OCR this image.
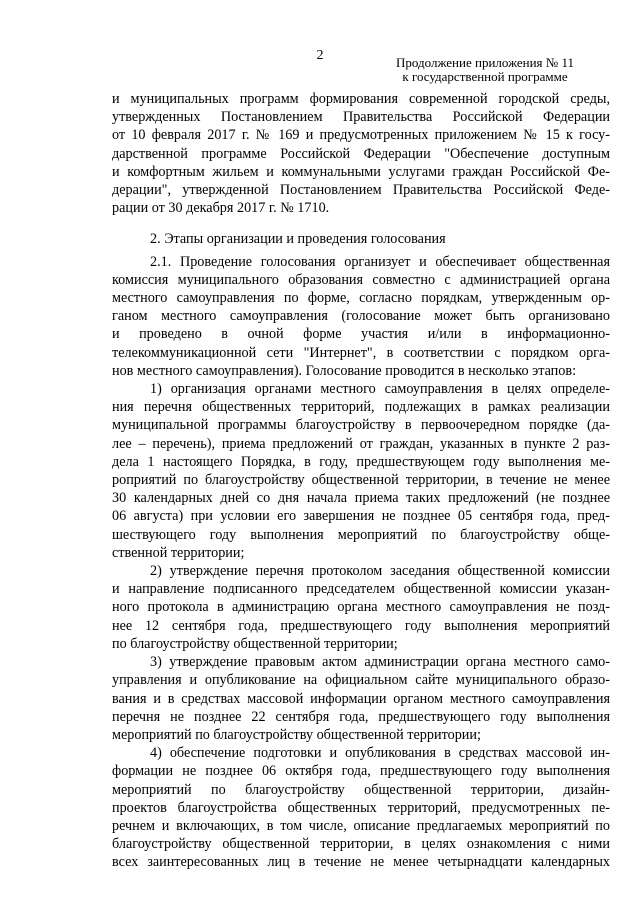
2	Продолжение приложения № 11
к государственной программе

и муниципальных программ формирования современной городской среды,

утвержденных Постановлением Правительства Российской Федерации

от 10 февраля 2017 г. № 169 и предусмотренных приложением № 15 к госу-

дарственной программе Российской Федерации "Обеспечение доступным

и комфортным жильем и коммунальными услугами граждан Российской Фе-

дерации", утвержденной Постановлением Правительства Российской Феде-

рации от 30 декабря 2017 г. № 1710.

2. Этапы организации и проведения голосования

2.1. Проведение голосования организует и обеспечивает общественная

комиссия муниципального образования совместно с администрацией органа

местного самоуправления по форме, согласно порядкам, утвержденным ор-

ганом местного самоуправления (голосование может быть организовано

и проведено в очной форме участия и/или в информационно-

телекоммуникационной сети "Интернет", в соответствии с порядком орга-

нов местного самоуправления). Голосование проводится в несколько этапов:

1) организация органами местного самоуправления в целях определе-

ния перечня общественных территорий, подлежащих в рамках реализации

муниципальной программы благоустройству в первоочередном порядке (да-

лее – перечень), приема предложений от граждан, указанных в пункте 2 раз-

дела 1 настоящего Порядка, в году, предшествующем году выполнения ме-

роприятий по благоустройству общественной территории, в течение не менее

30 календарных дней со дня начала приема таких предложений (не позднее

06 августа) при условии его завершения не позднее 05 сентября года, пред-

шествующего году выполнения мероприятий по благоустройству обще-

ственной территории;

2) утверждение перечня протоколом заседания общественной комиссии

и направление подписанного председателем общественной комиссии указан-

ного протокола в администрацию органа местного самоуправления не позд-

нее 12 сентября года, предшествующего году выполнения мероприятий

по благоустройству общественной территории;

3) утверждение правовым актом администрации органа местного само-

управления и опубликование на официальном сайте муниципального образо-

вания и в средствах массовой информации органом местного самоуправления

перечня не позднее 22 сентября года, предшествующего году выполнения

мероприятий по благоустройству общественной территории;

4) обеспечение подготовки и опубликования в средствах массовой ин-

формации не позднее 06 октября года, предшествующего году выполнения

мероприятий по благоустройству общественной территории, дизайн-

проектов благоустройства общественных территорий, предусмотренных пе-

речнем и включающих, в том числе, описание предлагаемых мероприятий по

благоустройству общественной территории, в целях ознакомления с ними

всех заинтересованных лиц в течение не менее четырнадцати календарных
